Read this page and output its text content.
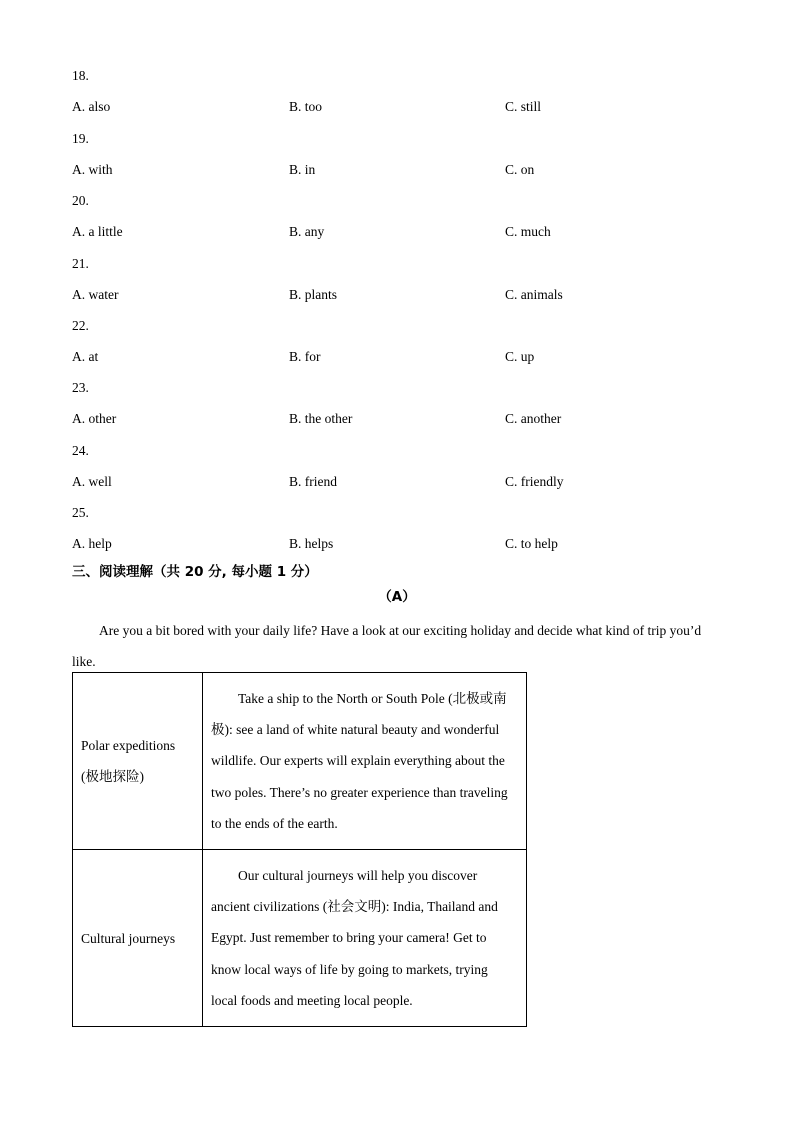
18.
A. also	B. too	C. still
19.
A. with	B. in	C. on
20.
A. a little	B. any	C. much
21.
A. water	B. plants	C. animals
22.
A. at	B. for	C. up
23.
A. other	B. the other	C. another
24.
A. well	B. friend	C. friendly
25.
A. help	B. helps	C. to help
三、阅读理解（共 20 分, 每小题 1 分）
（A）

Are you a bit bored with your daily life? Have a look at our exciting holiday and decide what kind of trip you’d like.

Polar expeditions (极地探险)	Take a ship to the North or South Pole (北极或南极): see a land of white natural beauty and wonderful wildlife. Our experts will explain everything about the two poles. There’s no greater experience than traveling to the ends of the earth.

Cultural journeys	Our cultural journeys will help you discover ancient civilizations (社会文明): India, Thailand and Egypt. Just remember to bring your camera! Get to know local ways of life by going to markets, trying local foods and meeting local people.
